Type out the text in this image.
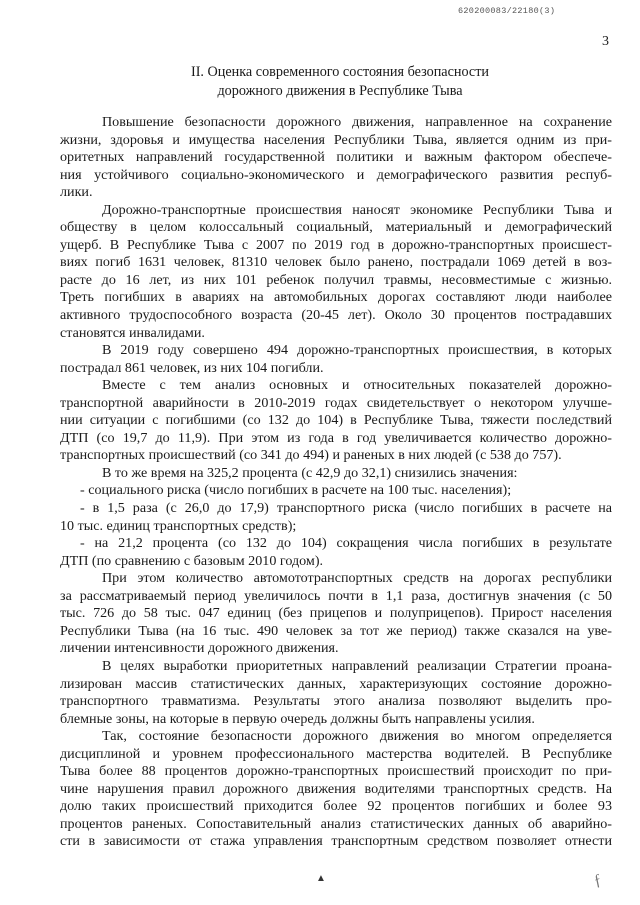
620200083/22180(3)
3
II. Оценка современного состояния безопасности
дорожного движения в Республике Тыва
Повышение безопасности дорожного движения, направленное на сохранение
жизни, здоровья и имущества населения Республики Тыва, является одним из при-
оритетных направлений государственной политики и важным фактором обеспече-
ния устойчивого социально-экономического и демографического развития респуб-
лики.
Дорожно-транспортные происшествия наносят экономике Республики Тыва и
обществу в целом колоссальный социальный, материальный и демографический
ущерб. В Республике Тыва с 2007 по 2019 год в дорожно-транспортных происшест-
виях погиб 1631 человек, 81310 человек было ранено, пострадали 1069 детей в воз-
расте до 16 лет, из них 101 ребенок получил травмы, несовместимые с жизнью.
Треть погибших в авариях на автомобильных дорогах составляют люди наиболее
активного трудоспособного возраста (20-45 лет). Около 30 процентов пострадавших
становятся инвалидами.
В 2019 году совершено 494 дорожно-транспортных происшествия, в которых
пострадал 861 человек, из них 104 погибли.
Вместе с тем анализ основных и относительных показателей дорожно-
транспортной аварийности в 2010-2019 годах свидетельствует о некотором улучше-
нии ситуации с погибшими (со 132 до 104) в Республике Тыва, тяжести последствий
ДТП (со 19,7 до 11,9). При этом из года в год увеличивается количество дорожно-
транспортных происшествий (со 341 до 494) и раненых в них людей (с 538 до 757).
В то же время на 325,2 процента (с 42,9 до 32,1) снизились значения:
- социального риска (число погибших в расчете на 100 тыс. населения);
- в 1,5 раза (с 26,0 до 17,9) транспортного риска (число погибших в расчете на
10 тыс. единиц транспортных средств);
- на 21,2 процента (со 132 до 104) сокращения числа погибших в результате
ДТП (по сравнению с базовым 2010 годом).
При этом количество автомототранспортных средств на дорогах республики
за рассматриваемый период увеличилось почти в 1,1 раза, достигнув значения (с 50
тыс. 726 до 58 тыс. 047 единиц (без прицепов и полуприцепов). Прирост населения
Республики Тыва (на 16 тыс. 490 человек за тот же период) также сказался на уве-
личении интенсивности дорожного движения.
В целях выработки приоритетных направлений реализации Стратегии проана-
лизирован массив статистических данных, характеризующих состояние дорожно-
транспортного травматизма. Результаты этого анализа позволяют выделить про-
блемные зоны, на которые в первую очередь должны быть направлены усилия.
Так, состояние безопасности дорожного движения во многом определяется
дисциплиной и уровнем профессионального мастерства водителей. В Республике
Тыва более 88 процентов дорожно-транспортных происшествий происходит по при-
чине нарушения правил дорожного движения водителями транспортных средств. На
долю таких происшествий приходится более 92 процентов погибших и более 93
процентов раненых. Сопоставительный анализ статистических данных об аварийно-
сти в зависимости от стажа управления транспортным средством позволяет отнести
ƒ
▲
